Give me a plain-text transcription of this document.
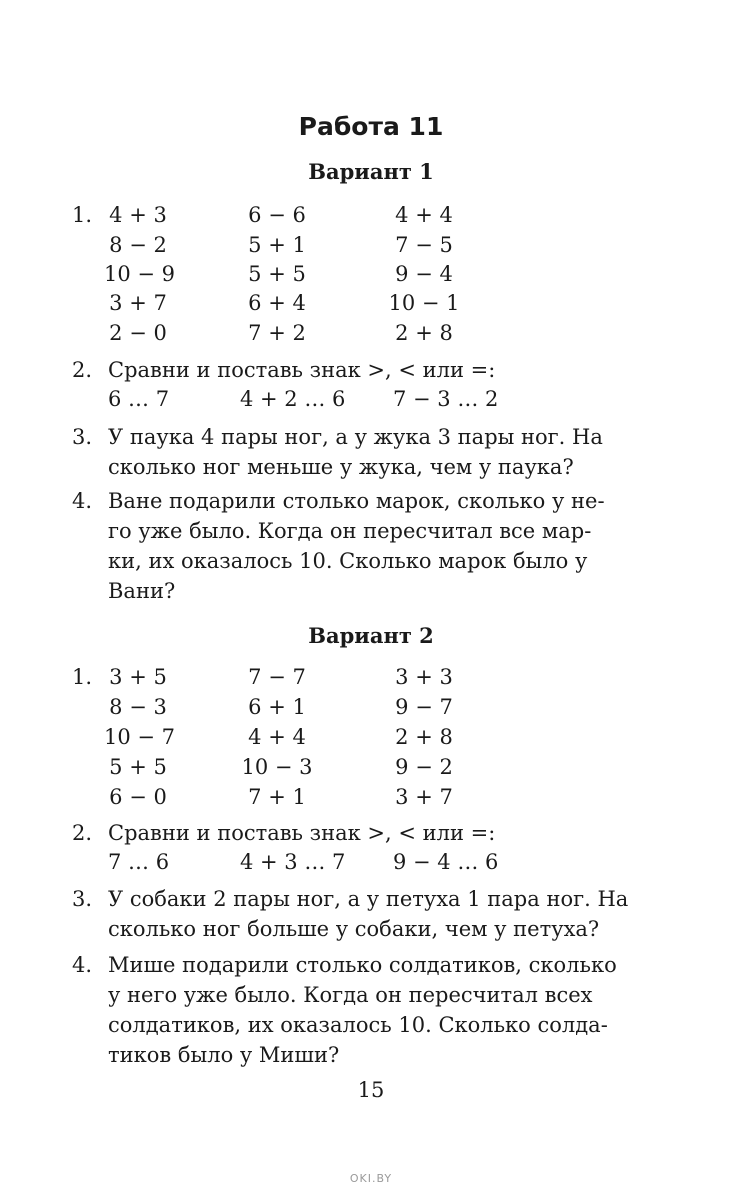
Работа 11
Вариант 1
1. 4 + 3	6 − 6	4 + 4
8 − 2	5 + 1	7 − 5
10 − 9	5 + 5	9 − 4
3 + 7	6 + 4	10 − 1
2 − 0	7 + 2	2 + 8
2. Сравни и поставь знак >, < или =:
6 … 7	4 + 2 … 6 7 − 3 … 2
3. У паука 4 пары ног, а у жука 3 пары ног. На
сколько ног меньше у жука, чем у паука?
4. Ване подарили столько марок, сколько у не-
го уже было. Когда он пересчитал все мар-
ки, их оказалось 10. Сколько марок было у
Вани?
Вариант 2
1. 3 + 5	7 − 7	3 + 3
8 − 3	6 + 1	9 − 7
10 − 7	4 + 4	2 + 8
5 + 5	10 − 3	9 − 2
6 − 0	7 + 1	3 + 7
2. Сравни и поставь знак >, < или =:
7 … 6	4 + 3 … 7 9 − 4 … 6
3. У собаки 2 пары ног, а у петуха 1 пара ног. На
сколько ног больше у собаки, чем у петуха?
4. Мише подарили столько солдатиков, сколько
у него уже было. Когда он пересчитал всех
солдатиков, их оказалось 10. Сколько солда-
тиков было у Миши?
15
OKI.BY
